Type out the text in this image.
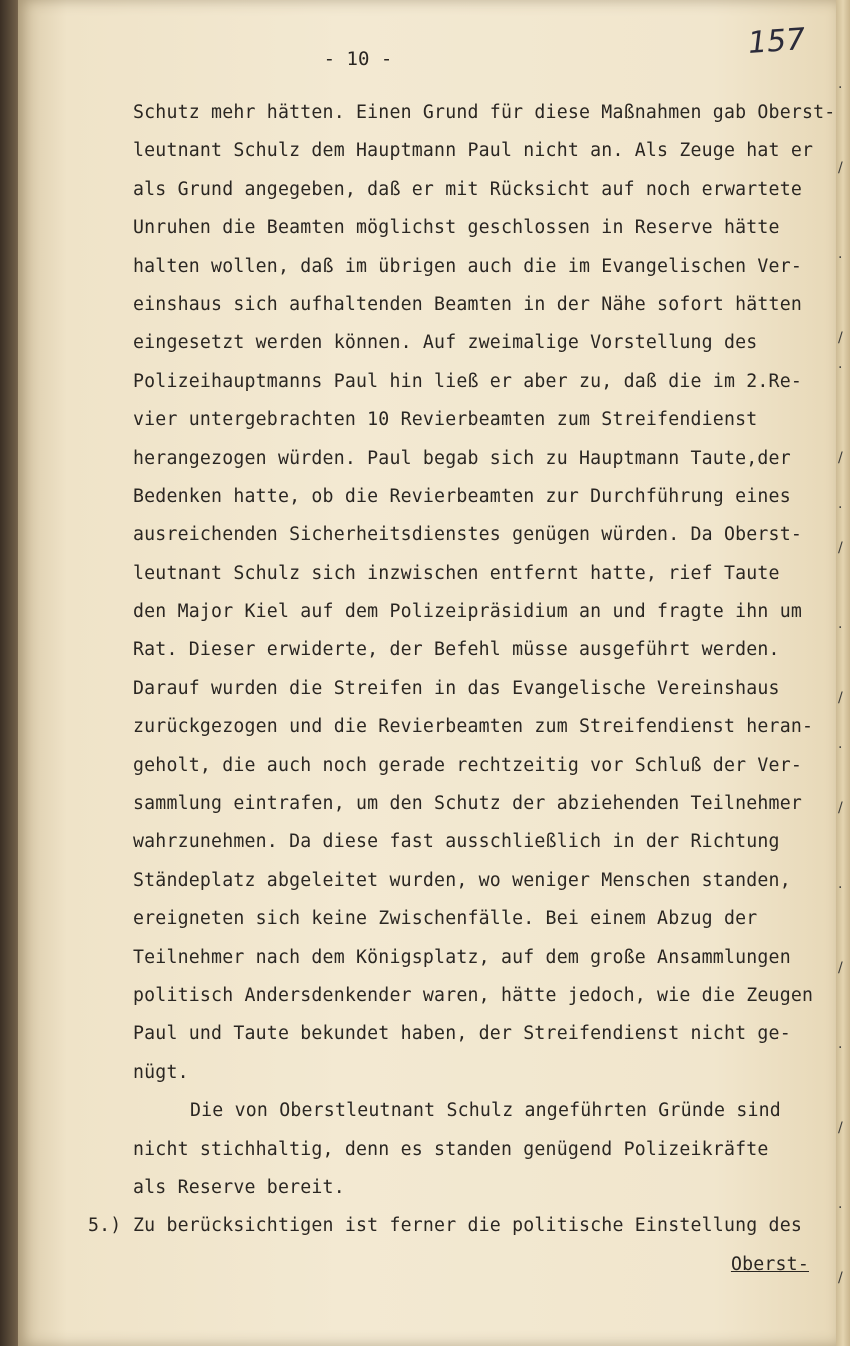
157
- 10 -
Schutz mehr hätten. Einen Grund für diese Maßnahmen gab Oberst-
leutnant Schulz dem Hauptmann Paul nicht an. Als Zeuge hat er
als Grund angegeben, daß er mit Rücksicht auf noch erwartete
Unruhen die Beamten möglichst geschlossen in Reserve hätte
halten wollen, daß im übrigen auch die im Evangelischen Ver-
einshaus sich aufhaltenden Beamten in der Nähe sofort hätten
eingesetzt werden können. Auf zweimalige Vorstellung des
Polizeihauptmanns Paul hin ließ er aber zu, daß die im 2.Re-
vier untergebrachten 10 Revierbeamten zum Streifendienst
herangezogen würden. Paul begab sich zu Hauptmann Taute,der
Bedenken hatte, ob die Revierbeamten zur Durchführung eines
ausreichenden Sicherheitsdienstes genügen würden. Da Oberst-
leutnant Schulz sich inzwischen entfernt hatte, rief Taute
den Major Kiel auf dem Polizeipräsidium an und fragte ihn um
Rat. Dieser erwiderte, der Befehl müsse ausgeführt werden.
Darauf wurden die Streifen in das Evangelische Vereinshaus
zurückgezogen und die Revierbeamten zum Streifendienst heran-
geholt, die auch noch gerade rechtzeitig vor Schluß der Ver-
sammlung eintrafen, um den Schutz der abziehenden Teilnehmer
wahrzunehmen. Da diese fast ausschließlich in der Richtung
Ständeplatz abgeleitet wurden, wo weniger Menschen standen,
ereigneten sich keine Zwischenfälle. Bei einem Abzug der
Teilnehmer nach dem Königsplatz, auf dem große Ansammlungen
politisch Andersdenkender waren, hätte jedoch, wie die Zeugen
Paul und Taute bekundet haben, der Streifendienst nicht ge-
nügt.
Die von Oberstleutnant Schulz angeführten Gründe sind
nicht stichhaltig, denn es standen genügend Polizeikräfte
als Reserve bereit.
5.) Zu berücksichtigen ist ferner die politische Einstellung des
Oberst-
·
/
·
/
·
/
·
/
·
/
·
/
·
/
·
/
·
/
